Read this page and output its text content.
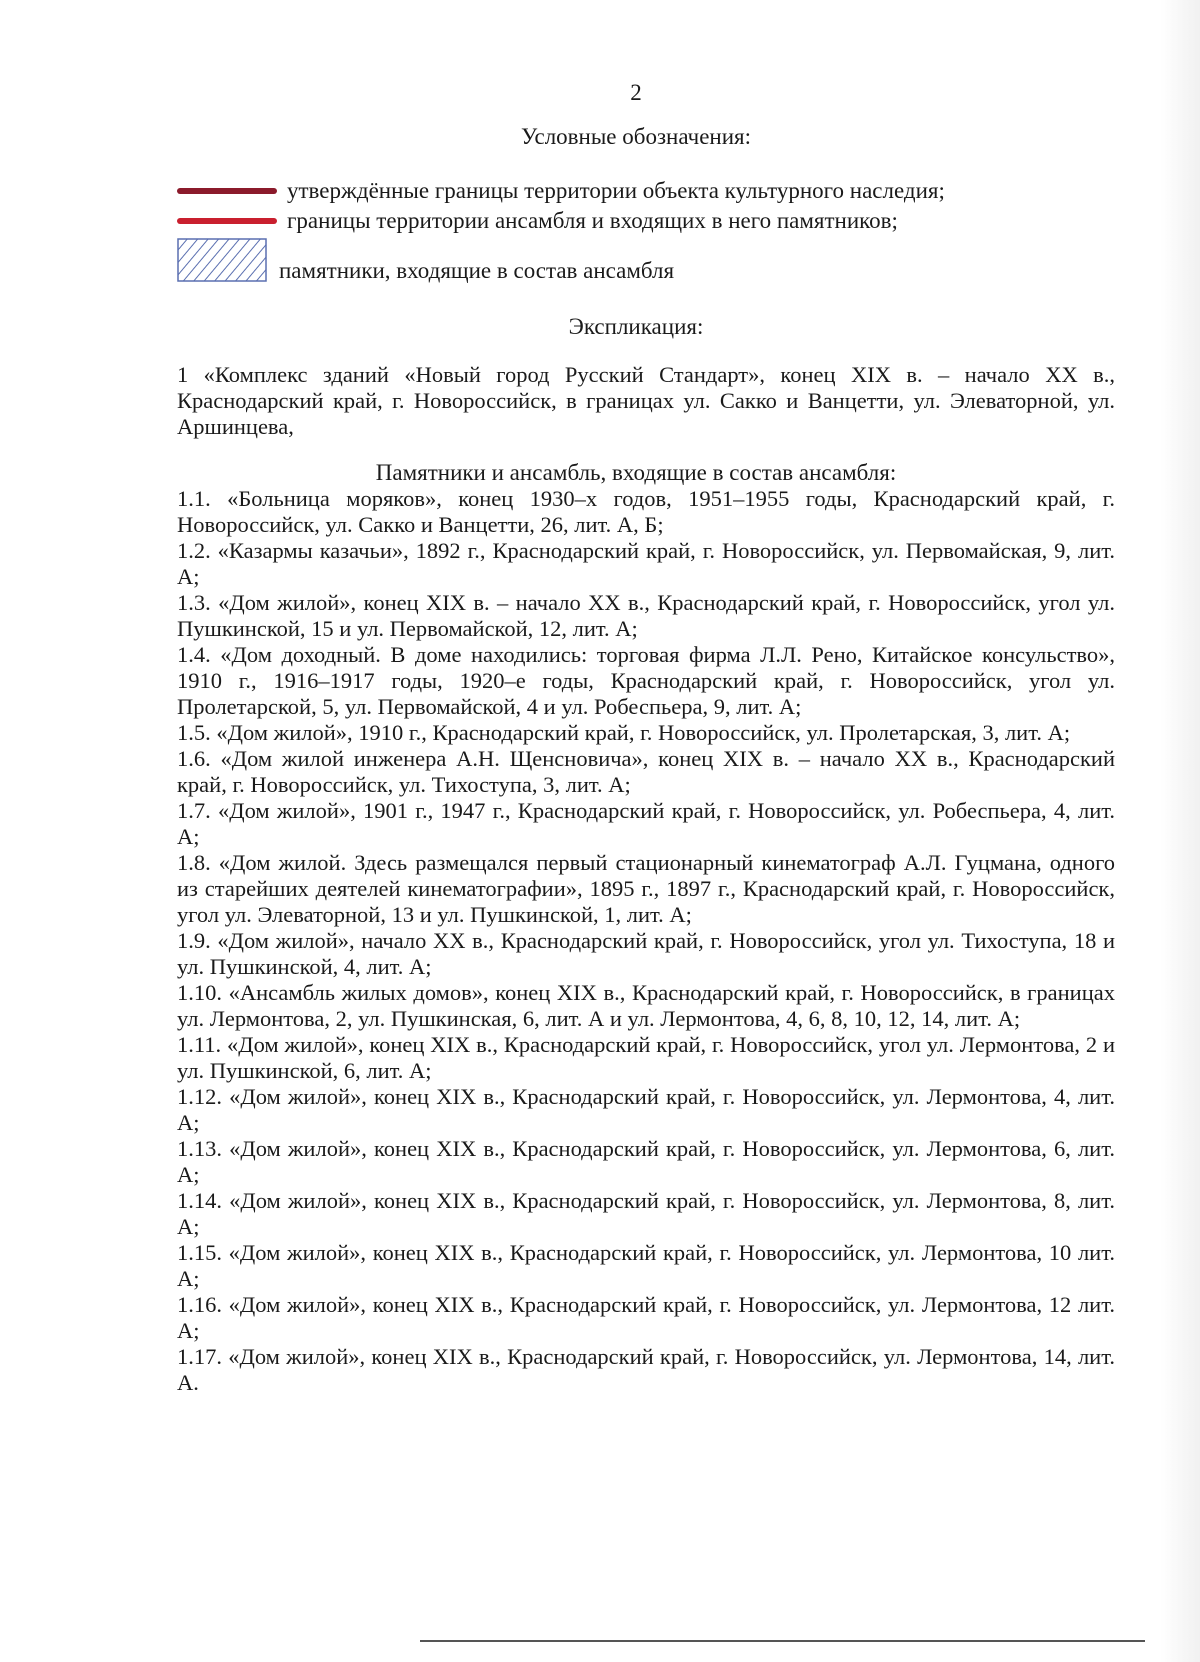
2
Условные обозначения:
утверждённые границы территории объекта культурного наследия;
границы территории ансамбля и входящих в него памятников;
памятники, входящие в состав ансамбля
Экспликация:

1 «Комплекс зданий «Новый город Русский Стандарт», конец XIX в. – начало XX в., Краснодарский край, г. Новороссийск, в границах ул. Сакко и Ванцетти, ул. Элеваторной, ул. Аршинцева,

Памятники и ансамбль, входящие в состав ансамбля:

1.1. «Больница моряков», конец 1930–х годов, 1951–1955 годы, Краснодарский край, г. Новороссийск, ул. Сакко и Ванцетти, 26, лит. А, Б;

1.2. «Казармы казачьи», 1892 г., Краснодарский край, г. Новороссийск, ул. Первомайская, 9, лит. А;

1.3. «Дом жилой», конец XIX в. – начало XX в., Краснодарский край, г. Новороссийск, угол ул. Пушкинской, 15 и ул. Первомайской, 12, лит. А;

1.4. «Дом доходный. В доме находились: торговая фирма Л.Л. Рено, Китайское консульство», 1910 г., 1916–1917 годы, 1920–е годы, Краснодарский край, г. Новороссийск, угол ул. Пролетарской, 5, ул. Первомайской, 4 и ул. Робеспьера, 9, лит. А;

1.5. «Дом жилой», 1910 г., Краснодарский край, г. Новороссийск, ул. Пролетарская, 3, лит. А;

1.6. «Дом жилой инженера А.Н. Щенсновича», конец XIX в. – начало XX в., Краснодарский край, г. Новороссийск, ул. Тихоступа, 3, лит. А;

1.7. «Дом жилой», 1901 г., 1947 г., Краснодарский край, г. Новороссийск, ул. Робеспьера, 4, лит. А;

1.8. «Дом жилой. Здесь размещался первый стационарный кинематограф А.Л. Гуцмана, одного из старейших деятелей кинематографии», 1895 г., 1897 г., Краснодарский край, г. Новороссийск, угол ул. Элеваторной, 13 и ул. Пушкинской, 1, лит. А;

1.9. «Дом жилой», начало XX в., Краснодарский край, г. Новороссийск, угол ул. Тихоступа, 18 и ул. Пушкинской, 4, лит. А;

1.10. «Ансамбль жилых домов», конец XIX в., Краснодарский край, г. Новороссийск, в границах ул. Лермонтова, 2, ул. Пушкинская, 6, лит. А и ул. Лермонтова, 4, 6, 8, 10, 12, 14, лит. А;

1.11. «Дом жилой», конец XIX в., Краснодарский край, г. Новороссийск, угол ул. Лермонтова, 2 и ул. Пушкинской, 6, лит. А;

1.12. «Дом жилой», конец XIX в., Краснодарский край, г. Новороссийск, ул. Лермонтова, 4, лит. А;

1.13. «Дом жилой», конец XIX в., Краснодарский край, г. Новороссийск, ул. Лермонтова, 6, лит. А;

1.14. «Дом жилой», конец XIX в., Краснодарский край, г. Новороссийск, ул. Лермонтова, 8, лит. А;

1.15. «Дом жилой», конец XIX в., Краснодарский край, г. Новороссийск, ул. Лермонтова, 10 лит. А;

1.16. «Дом жилой», конец XIX в., Краснодарский край, г. Новороссийск, ул. Лермонтова, 12 лит. А;

1.17. «Дом жилой», конец XIX в., Краснодарский край, г. Новороссийск, ул. Лермонтова, 14, лит. А.
